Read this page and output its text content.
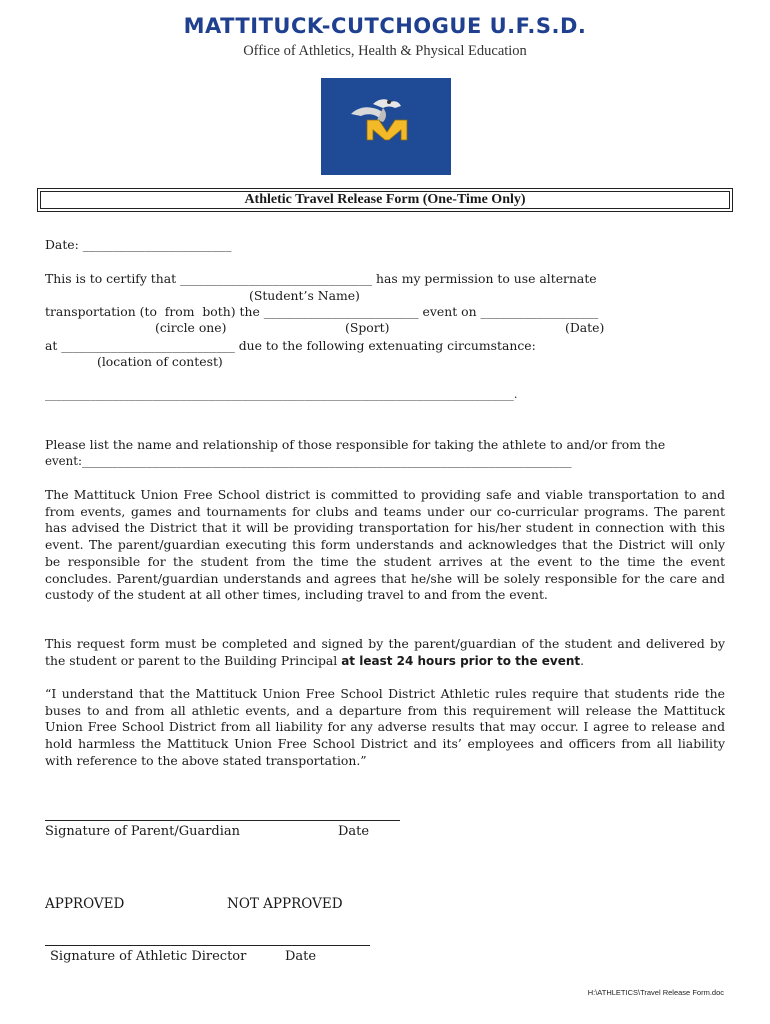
MATTITUCK-CUTCHOGUE U.F.S.D.
Office of Athletics, Health & Physical Education
Athletic Travel Release Form (One-Time Only)
Date: ________________________
This is to certify that _______________________________ has my permission to use alternate
(Student’s Name)
transportation (to  from  both) the _________________________ event on ___________________
(circle one)	(Sport)	(Date)
at ____________________________ due to the following extenuating circumstance:
(location of contest)
___________________________________________________________________________________.
Please list the name and relationship of those responsible for taking the athlete to and/or from the
event:___________________________________________________________________________________
The Mattituck Union Free School district is committed to providing safe and viable transportation to and from events, games and tournaments for clubs and teams under our co-curricular programs. The parent has advised the District that it will be providing transportation for his/her student in connection with this event. The parent/guardian executing this form understands and acknowledges that the District will only be responsible for the student from the time the student arrives at the event to the time the event concludes. Parent/guardian understands and agrees that he/she will be solely responsible for the care and custody of the student at all other times, including travel to and from the event.
This request form must be completed and signed by the parent/guardian of the student and delivered by the student or parent to the Building Principal at least 24 hours prior to the event.
“I understand that the Mattituck Union Free School District Athletic rules require that students ride the buses to and from all athletic events, and a departure from this requirement will release the Mattituck Union Free School District from all liability for any adverse results that may occur. I agree to release and hold harmless the Mattituck Union Free School District and its’ employees and officers from all liability with reference to the above stated transportation.”
Signature of Parent/Guardian	Date
APPROVED	NOT APPROVED
Signature of Athletic Director	Date
H:\ATHLETICS\Travel Release Form.doc
